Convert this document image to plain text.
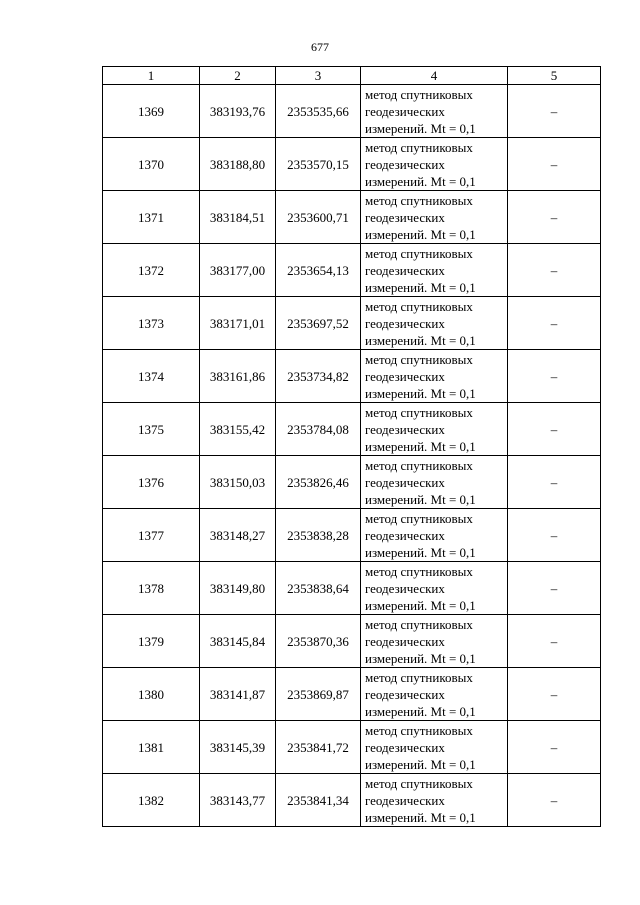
677
1	2	3	4	5
1369	383193,76	2353535,66	метод спутниковых
геодезических
измерений. Mt = 0,1	–
1370	383188,80	2353570,15	метод спутниковых
геодезических
измерений. Mt = 0,1	–
1371	383184,51	2353600,71	метод спутниковых
геодезических
измерений. Mt = 0,1	–
1372	383177,00	2353654,13	метод спутниковых
геодезических
измерений. Mt = 0,1	–
1373	383171,01	2353697,52	метод спутниковых
геодезических
измерений. Mt = 0,1	–
1374	383161,86	2353734,82	метод спутниковых
геодезических
измерений. Mt = 0,1	–
1375	383155,42	2353784,08	метод спутниковых
геодезических
измерений. Mt = 0,1	–
1376	383150,03	2353826,46	метод спутниковых
геодезических
измерений. Mt = 0,1	–
1377	383148,27	2353838,28	метод спутниковых
геодезических
измерений. Mt = 0,1	–
1378	383149,80	2353838,64	метод спутниковых
геодезических
измерений. Mt = 0,1	–
1379	383145,84	2353870,36	метод спутниковых
геодезических
измерений. Mt = 0,1	–
1380	383141,87	2353869,87	метод спутниковых
геодезических
измерений. Mt = 0,1	–
1381	383145,39	2353841,72	метод спутниковых
геодезических
измерений. Mt = 0,1	–
1382	383143,77	2353841,34	метод спутниковых
геодезических
измерений. Mt = 0,1	–
